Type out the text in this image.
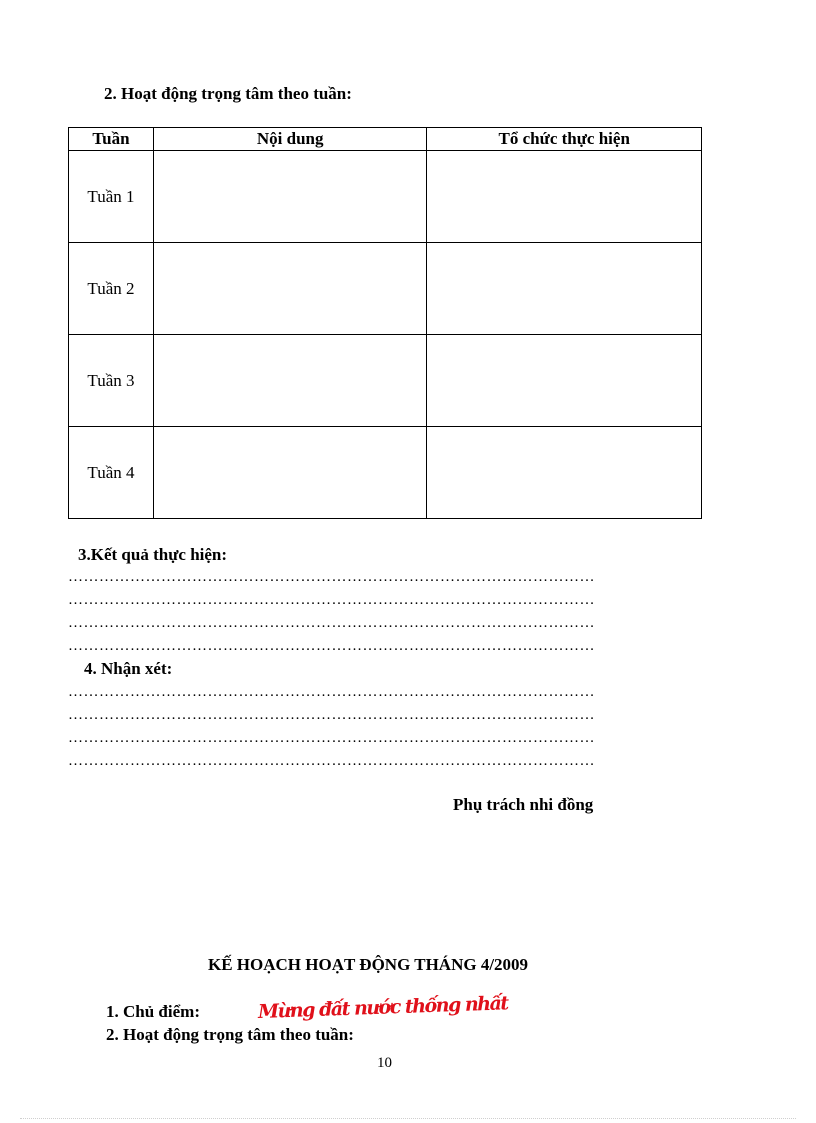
2. Hoạt động trọng tâm theo tuần:
Tuần	Nội dung	Tổ chức thực hiện
Tuần 1		
Tuần 2		
Tuần 3		
Tuần 4		
3.Kết quả thực hiện:
…………………………………………………………………………………………
…………………………………………………………………………………………
…………………………………………………………………………………………
…………………………………………………………………………………………
4. Nhận xét:
…………………………………………………………………………………………
…………………………………………………………………………………………
…………………………………………………………………………………………
…………………………………………………………………………………………
Phụ trách nhi đồng
KẾ HOẠCH HOẠT ĐỘNG THÁNG 4/2009
1. Chủ điểm:	Mừng đất nước thống nhất
2. Hoạt động trọng tâm theo tuần:
10
